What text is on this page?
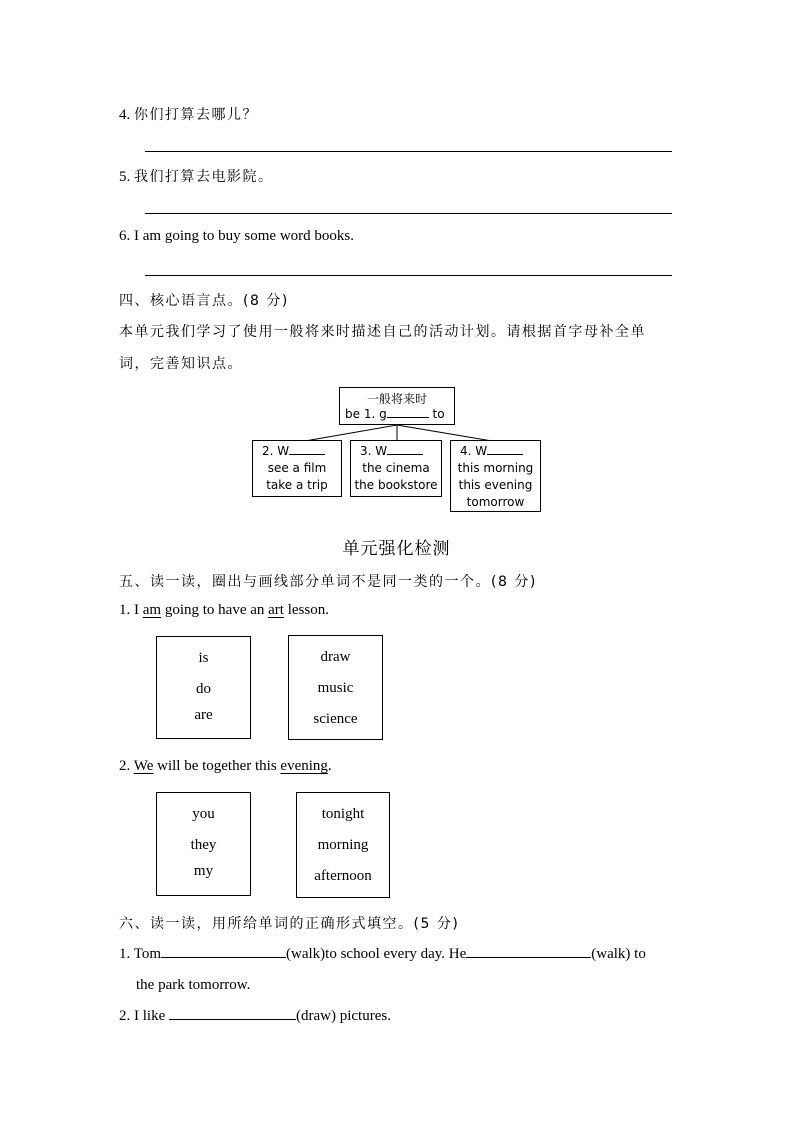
4. 你们打算去哪儿？
5. 我们打算去电影院。
6. I am going to buy some word books.
四、核心语言点。(8 分)
本单元我们学习了使用一般将来时描述自己的活动计划。请根据首字母补全单
词，完善知识点。
一般将来时
be 1. g	to
2. W
see a film
take a trip
3. W
the cinema
the bookstore
4. W
this morning
this evening
tomorrow
单元强化检测
五、读一读，圈出与画线部分单词不是同一类的一个。(8 分)
1. I am going to have an art lesson.
is
do
are
draw
music
science
2. We will be together this evening.
you
they
my
tonight
morning
afternoon
六、读一读，用所给单词的正确形式填空。(5 分)
1. Tom	(walk)to school every day. He	(walk) to
the park tomorrow.
2. I like	(draw) pictures.
